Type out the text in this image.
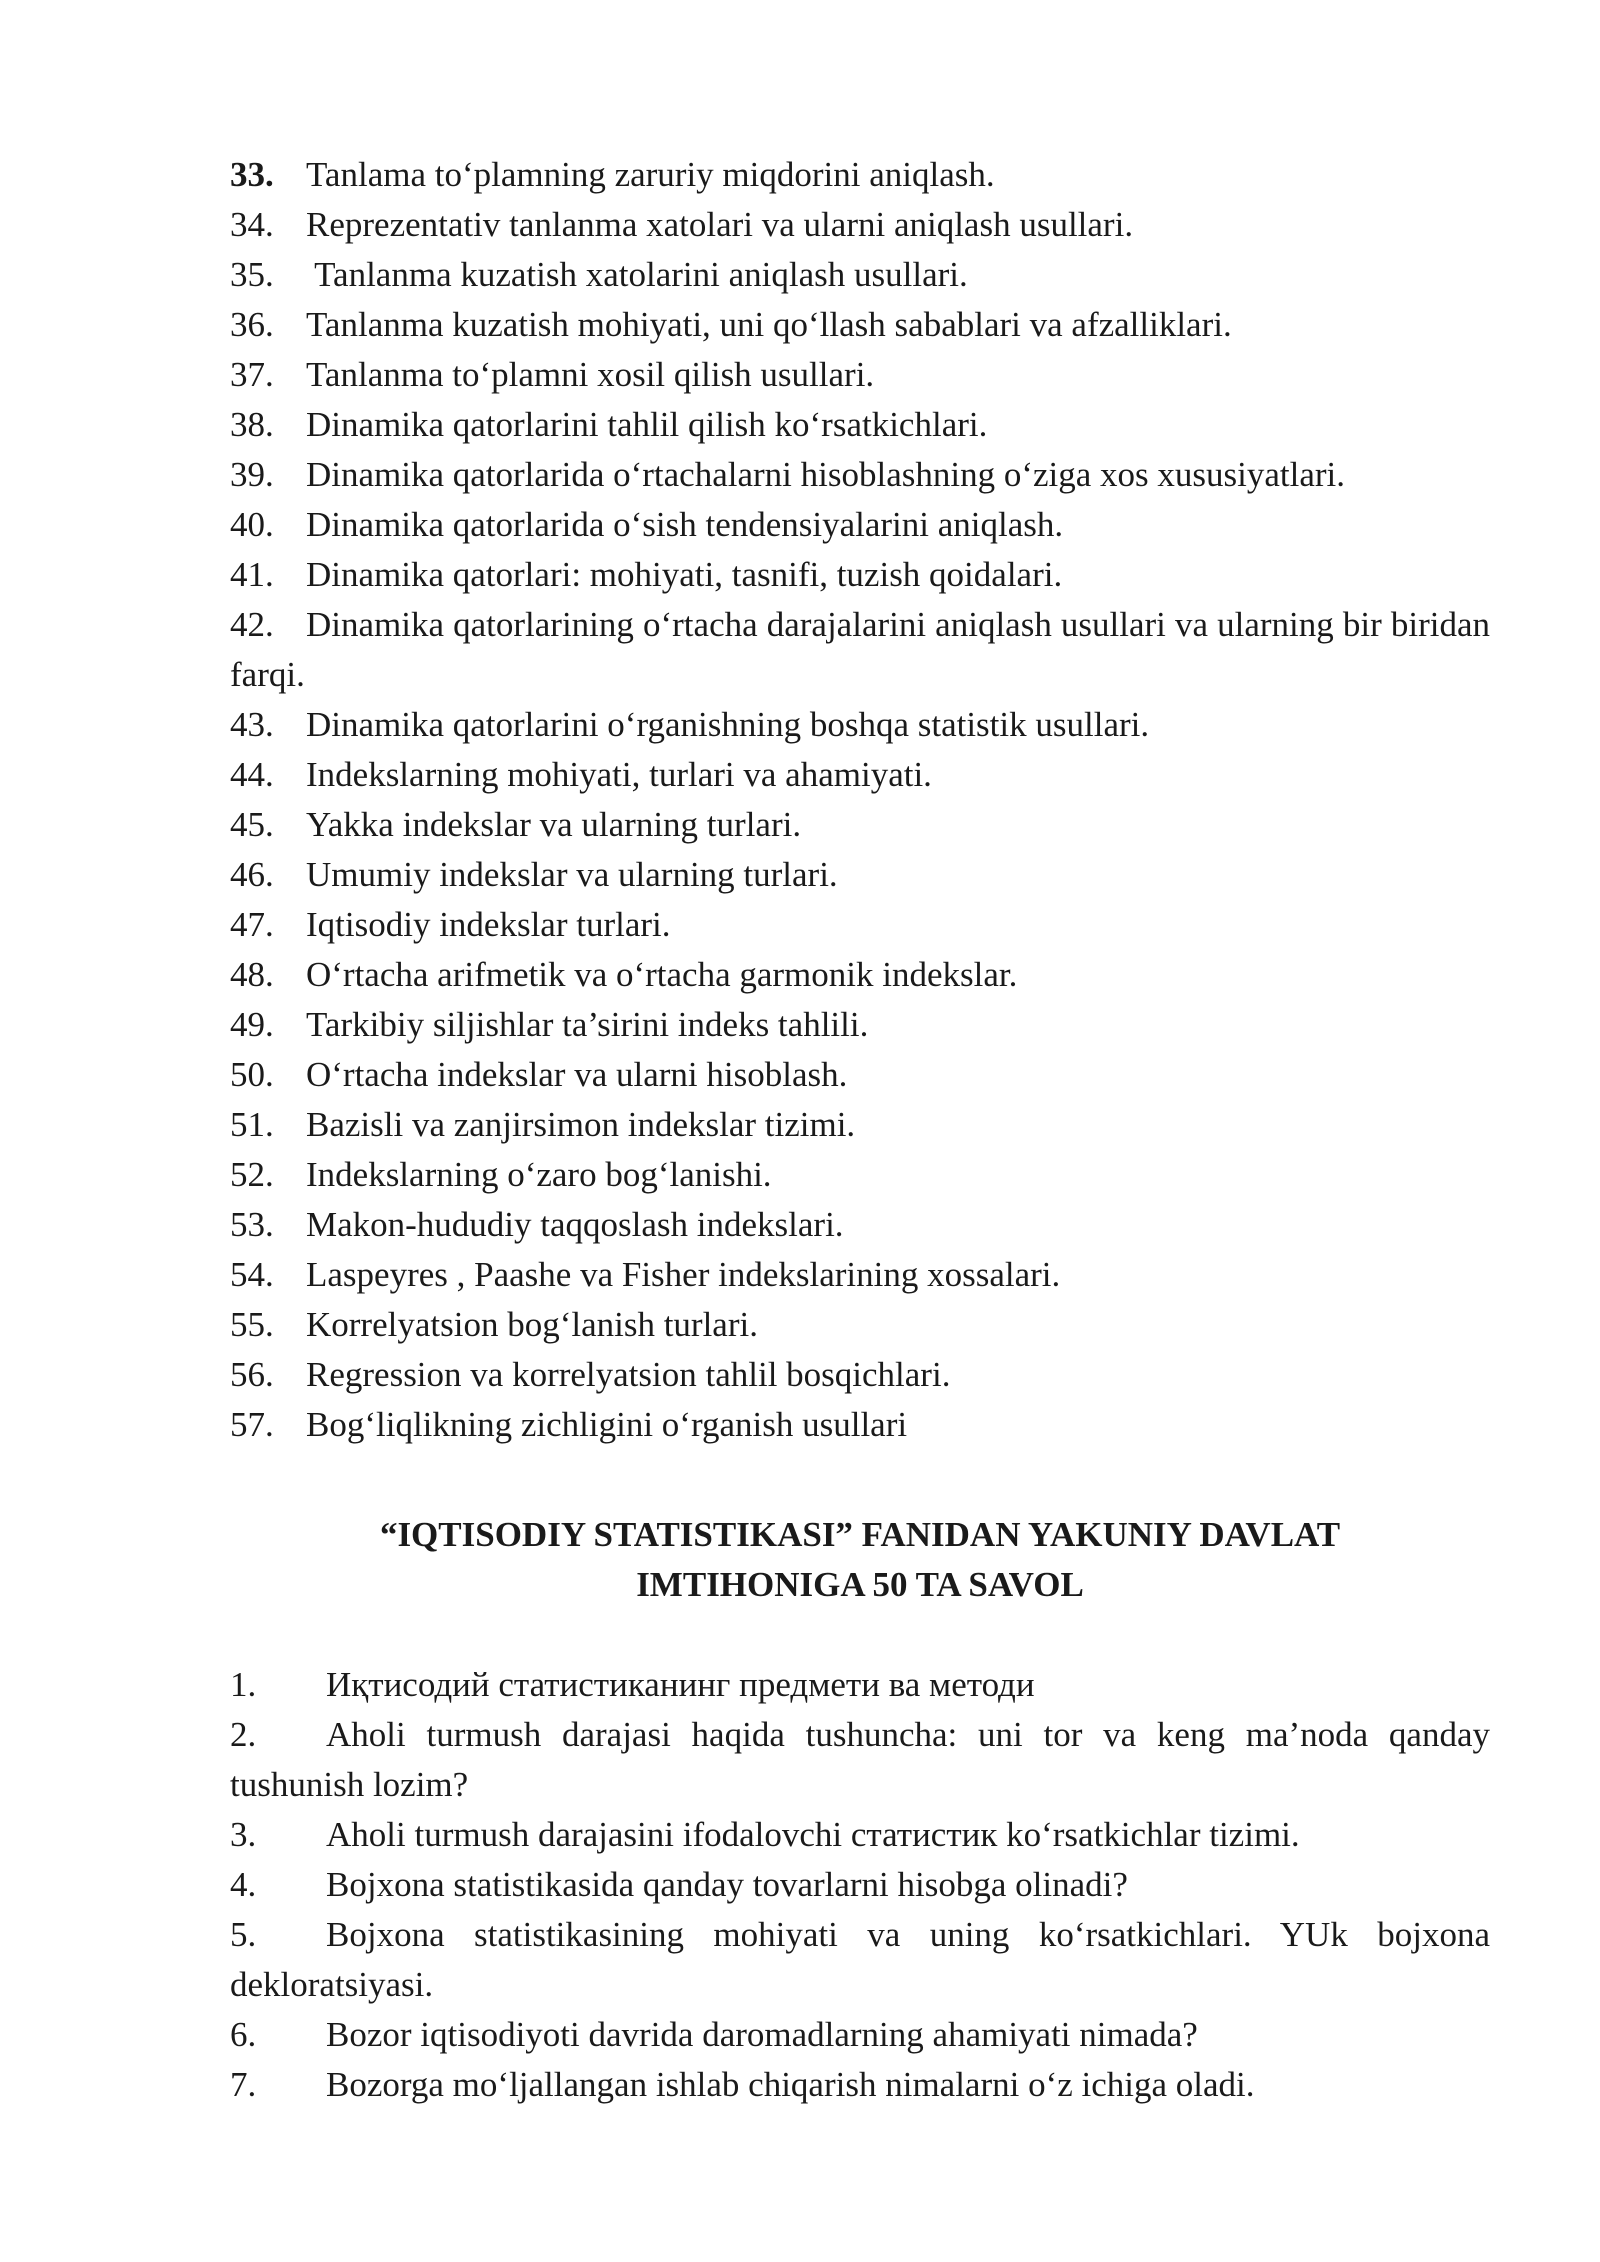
33. Tanlama to‘plamning zaruriy miqdorini aniqlash.

34. Reprezentativ tanlanma xatolari va ularni aniqlash usullari.

35. Tanlanma kuzatish xatolarini aniqlash usullari.

36. Tanlanma kuzatish mohiyati, uni qo‘llash sabablari va afzalliklari.

37. Tanlanma to‘plamni xosil qilish usullari.

38. Dinamika qatorlarini tahlil qilish ko‘rsatkichlari.

39. Dinamika qatorlarida o‘rtachalarni hisoblashning o‘ziga xos xususiyatlari.

40. Dinamika qatorlarida o‘sish tendensiyalarini aniqlash.

41. Dinamika qatorlari: mohiyati, tasnifi, tuzish qoidalari.

42. Dinamika qatorlarining o‘rtacha darajalarini aniqlash usullari va ularning bir biridan farqi.

43. Dinamika qatorlarini o‘rganishning boshqa statistik usullari.

44. Indekslarning mohiyati, turlari va ahamiyati.

45. Yakka indekslar va ularning turlari.

46. Umumiy indekslar va ularning turlari.

47. Iqtisodiy indekslar turlari.

48. O‘rtacha arifmetik va o‘rtacha garmonik indekslar.

49. Tarkibiy siljishlar ta’sirini indeks tahlili.

50. O‘rtacha indekslar va ularni hisoblash.

51. Bazisli va zanjirsimon indekslar tizimi.

52. Indekslarning o‘zaro bog‘lanishi.

53. Makon-hududiy taqqoslash indekslari.

54. Laspeyres , Paashe va Fisher indekslarining xossalari.

55. Korrelyatsion bog‘lanish turlari.

56. Regression va korrelyatsion tahlil bosqichlari.

57. Bog‘liqlikning zichligini o‘rganish usullari

“IQTISODIY STATISTIKASI” FANIDAN YAKUNIY DAVLAT
IMTIHONIGA 50 TA SAVOL

1. Иқтисодий статистиканинг предмети ва методи

2. Aholi turmush darajasi haqida tushuncha: uni tor va keng ma’noda qanday tushunish lozim?

3. Aholi turmush darajasini ifodalovchi статистик ko‘rsatkichlar tizimi.

4. Bojxona statistikasida qanday tovarlarni hisobga olinadi?

5. Bojxona statistikasining mohiyati va uning ko‘rsatkichlari. YUk bojxona dekloratsiyasi.

6. Bozor iqtisodiyoti davrida daromadlarning ahamiyati nimada?

7. Bozorga mo‘ljallangan ishlab chiqarish nimalarni o‘z ichiga oladi.
